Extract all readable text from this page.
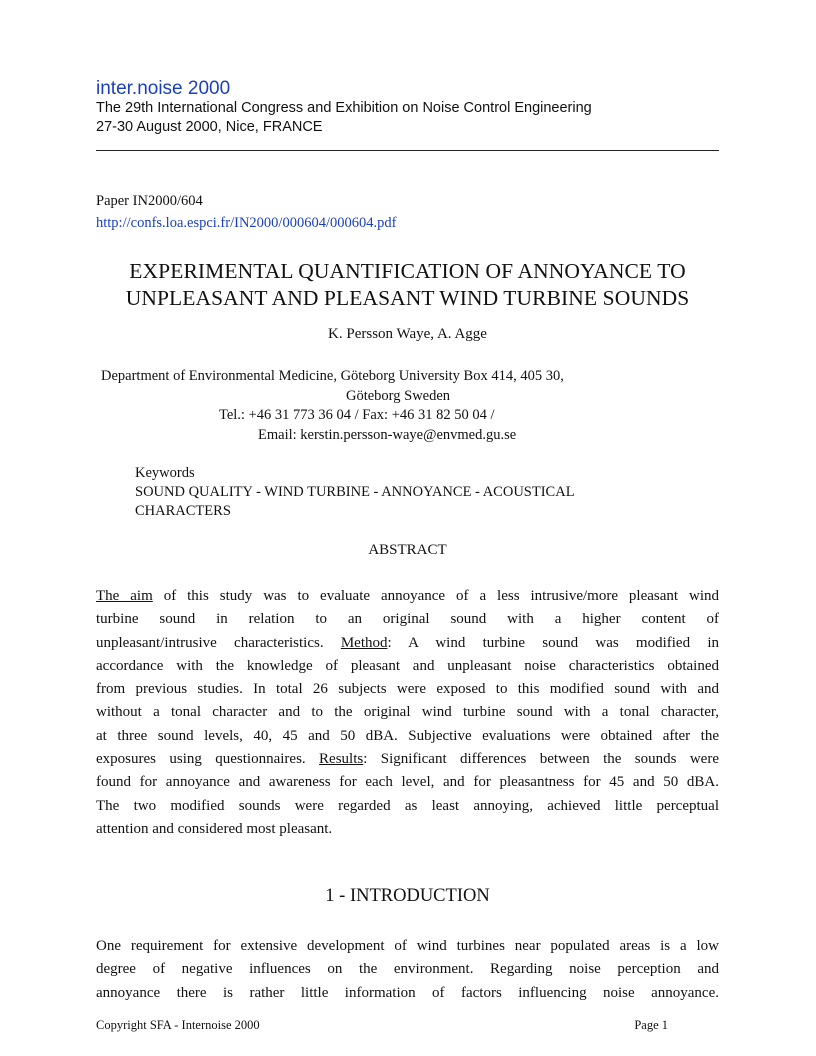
inter.noise 2000
The 29th International Congress and Exhibition on Noise Control Engineering
27-30 August 2000, Nice, FRANCE
Paper IN2000/604
http://confs.loa.espci.fr/IN2000/000604/000604.pdf
EXPERIMENTAL QUANTIFICATION OF ANNOYANCE TO
UNPLEASANT AND PLEASANT WIND TURBINE SOUNDS
K. Persson Waye, A. Agge
Department of Environmental Medicine, Göteborg University Box 414, 405 30,
Göteborg Sweden
Tel.: +46 31 773 36 04 / Fax: +46 31 82 50 04 /
Email: kerstin.persson-waye@envmed.gu.se
Keywords
SOUND QUALITY - WIND TURBINE - ANNOYANCE - ACOUSTICAL
CHARACTERS
ABSTRACT
The aim of this study was to evaluate annoyance of a less intrusive/more pleasant wind
turbine sound in relation to an original sound with a higher content of
unpleasant/intrusive characteristics. Method: A wind turbine sound was modified in
accordance with the knowledge of pleasant and unpleasant noise characteristics obtained
from previous studies. In total 26 subjects were exposed to this modified sound with and
without a tonal character and to the original wind turbine sound with a tonal character,
at three sound levels, 40, 45 and 50 dBA. Subjective evaluations were obtained after the
exposures using questionnaires. Results: Significant differences between the sounds were
found for annoyance and awareness for each level, and for pleasantness for 45 and 50 dBA.
The two modified sounds were regarded as least annoying, achieved little perceptual
attention and considered most pleasant.
1 - INTRODUCTION
One requirement for extensive development of wind turbines near populated areas is a low
degree of negative influences on the environment. Regarding noise perception and
annoyance there is rather little information of factors influencing noise annoyance.
Copyright SFA - Internoise 2000	Page 1
